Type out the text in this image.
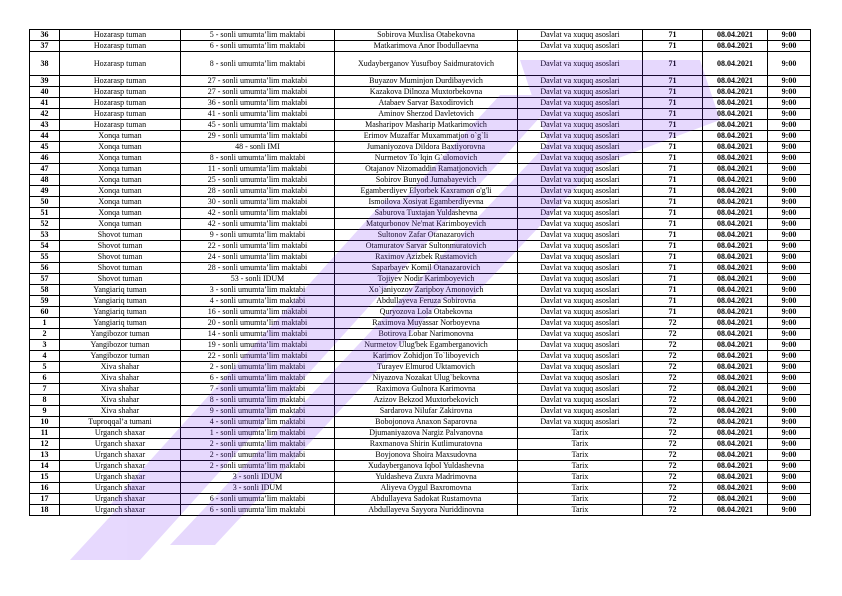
36	Hozarasp tuman	5 - sonli umumta’lim maktabi	Sobirova Muxlisa Otabekovna	Davlat va xuquq asoslari	71	08.04.2021	9:00
37	Hozarasp tuman	6 - sonli umumta’lim maktabi	Matkarimova Anor Ibodullaevna	Davlat va xuquq asoslari	71	08.04.2021	9:00
38	Hozarasp tuman	8 - sonli umumta’lim maktabi	Xudayberganov Yusufboy Saidmuratovich	Davlat va xuquq asoslari	71	08.04.2021	9:00
39	Hozarasp tuman	27 - sonli umumta’lim maktabi	Buyazov Muminjon Durdibayevich	Davlat va xuquq asoslari	71	08.04.2021	9:00
40	Hozarasp tuman	27 - sonli umumta’lim maktabi	Kazakova Dilnoza Muxtorbekovna	Davlat va xuquq asoslari	71	08.04.2021	9:00
41	Hozarasp tuman	36 - sonli umumta’lim maktabi	Atabaev Sarvar Baxodirovich	Davlat va xuquq asoslari	71	08.04.2021	9:00
42	Hozarasp tuman	41 - sonli umumta’lim maktabi	Aminov Sherzod Davletovich	Davlat va xuquq asoslari	71	08.04.2021	9:00
43	Hozarasp tuman	45 - sonli umumta’lim maktabi	Masharipov Masharip Matkarimovich	Davlat va xuquq asoslari	71	08.04.2021	9:00
44	Xonqa tuman	29 - sonli umumta’lim maktabi	Erimov Muzaffar Muxammatjon o`g`li	Davlat va xuquq asoslari	71	08.04.2021	9:00
45	Xonqa tuman	48 - sonli IMI	Jumaniyozova Dildora Baxtiyorovna	Davlat va xuquq asoslari	71	08.04.2021	9:00
46	Xonqa tuman	8 - sonli umumta’lim maktabi	Nurmetov To`lqin G`ulomovich	Davlat va xuquq asoslari	71	08.04.2021	9:00
47	Xonqa tuman	11 - sonli umumta’lim maktabi	Otajanov Nizomaddin Ramatjonovich	Davlat va xuquq asoslari	71	08.04.2021	9:00
48	Xonqa tuman	25 - sonli umumta’lim maktabi	Sobirov Bunyod Jumabayevich	Davlat va xuquq asoslari	71	08.04.2021	9:00
49	Xonqa tuman	28 - sonli umumta’lim maktabi	Egamberdiyev Elyorbek Kaxramon o'g'li	Davlat va xuquq asoslari	71	08.04.2021	9:00
50	Xonqa tuman	30 - sonli umumta’lim maktabi	Ismoilova Xosiyat Egamberdiyevna	Davlat va xuquq asoslari	71	08.04.2021	9:00
51	Xonqa tuman	42 - sonli umumta’lim maktabi	Saburova Tuxtajan Yuldashevna	Davlat va xuquq asoslari	71	08.04.2021	9:00
52	Xonqa tuman	42 - sonli umumta’lim maktabi	Matqurbonov Ne'mat Karimboyevich	Davlat va xuquq asoslari	71	08.04.2021	9:00
53	Shovot tuman	9 - sonli umumta’lim maktabi	Sultonov Zafar Otanazarovich	Davlat va xuquq asoslari	71	08.04.2021	9:00
54	Shovot tuman	22 - sonli umumta’lim maktabi	Otamuratov Sarvar Sultonmuratovich	Davlat va xuquq asoslari	71	08.04.2021	9:00
55	Shovot tuman	24 - sonli umumta’lim maktabi	Raximov Azizbek Rustamovich	Davlat va xuquq asoslari	71	08.04.2021	9:00
56	Shovot tuman	28 - sonli umumta’lim maktabi	Saparbayev Komil Otanazarovich	Davlat va xuquq asoslari	71	08.04.2021	9:00
57	Shovot tuman	53 - sonli IDUM	Tojiyev Nodir Karimboyevich	Davlat va xuquq asoslari	71	08.04.2021	9:00
58	Yangiariq tuman	3 - sonli umumta’lim maktabi	Xo`janiyozov Zaripboy Amonovich	Davlat va xuquq asoslari	71	08.04.2021	9:00
59	Yangiariq tuman	4 - sonli umumta’lim maktabi	Abdullayeva Feruza Sobirovna	Davlat va xuquq asoslari	71	08.04.2021	9:00
60	Yangiariq tuman	16 - sonli umumta’lim maktabi	Quryozova Lola Otabekovna	Davlat va xuquq asoslari	71	08.04.2021	9:00
1	Yangiariq tuman	20 - sonli umumta’lim maktabi	Raximova Muyassar Norboyevna	Davlat va xuquq asoslari	72	08.04.2021	9:00
2	Yangibozor tuman	14 - sonli umumta’lim maktabi	Botirova Lobar Narimonovna	Davlat va xuquq asoslari	72	08.04.2021	9:00
3	Yangibozor tuman	19 - sonli umumta’lim maktabi	Nurmetov Ulug'bek Egamberganovich	Davlat va xuquq asoslari	72	08.04.2021	9:00
4	Yangibozor tuman	22 - sonli umumta’lim maktabi	Karimov Zohidjon To`liboyevich	Davlat va xuquq asoslari	72	08.04.2021	9:00
5	Xiva shahar	2 - sonli umumta’lim maktabi	Turayev Elmurod Uktamovich	Davlat va xuquq asoslari	72	08.04.2021	9:00
6	Xiva shahar	6 - sonli umumta’lim maktabi	Niyazova Nozakat Ulug`bekovna	Davlat va xuquq asoslari	72	08.04.2021	9:00
7	Xiva shahar	7 - sonli umumta’lim maktabi	Raximova Gulnora Karimovna	Davlat va xuquq asoslari	72	08.04.2021	9:00
8	Xiva shahar	8 - sonli umumta’lim maktabi	Azizov Bekzod Muxtorbekovich	Davlat va xuquq asoslari	72	08.04.2021	9:00
9	Xiva shahar	9 - sonli umumta’lim maktabi	Sardarova Nilufar Zakirovna	Davlat va xuquq asoslari	72	08.04.2021	9:00
10	Tuproqqal’a tumani	4 - sonli umumta’lim maktabi	Bobojonova Anaxon Saparovna	Davlat va xuquq asoslari	72	08.04.2021	9:00
11	Urganch shaxar	1 - sonli umumta’lim maktabi	Djumaniyazova Nargiz Palvanovna	Tarix	72	08.04.2021	9:00
12	Urganch shaxar	2 - sonli umumta’lim maktabi	Raxmanova Shirin Kutlimuratovna	Tarix	72	08.04.2021	9:00
13	Urganch shaxar	2 - sonli umumta’lim maktabi	Boyjonova Shoira Maxsudovna	Tarix	72	08.04.2021	9:00
14	Urganch shaxar	2 - sonli umumta’lim maktabi	Xudayberganova Iqbol Yuldashevna	Tarix	72	08.04.2021	9:00
15	Urganch shaxar	3 - sonli IDUM	Yuldasheva Zuxra Madrimovna	Tarix	72	08.04.2021	9:00
16	Urganch shaxar	3 - sonli IDUM	Aliyeva Oygul Baxromovna	Tarix	72	08.04.2021	9:00
17	Urganch shaxar	6 - sonli umumta’lim maktabi	Abdullayeva Sadokat Rustamovna	Tarix	72	08.04.2021	9:00
18	Urganch shaxar	6 - sonli umumta’lim maktabi	Abdullayeva Sayyora Nuriddinovna	Tarix	72	08.04.2021	9:00
